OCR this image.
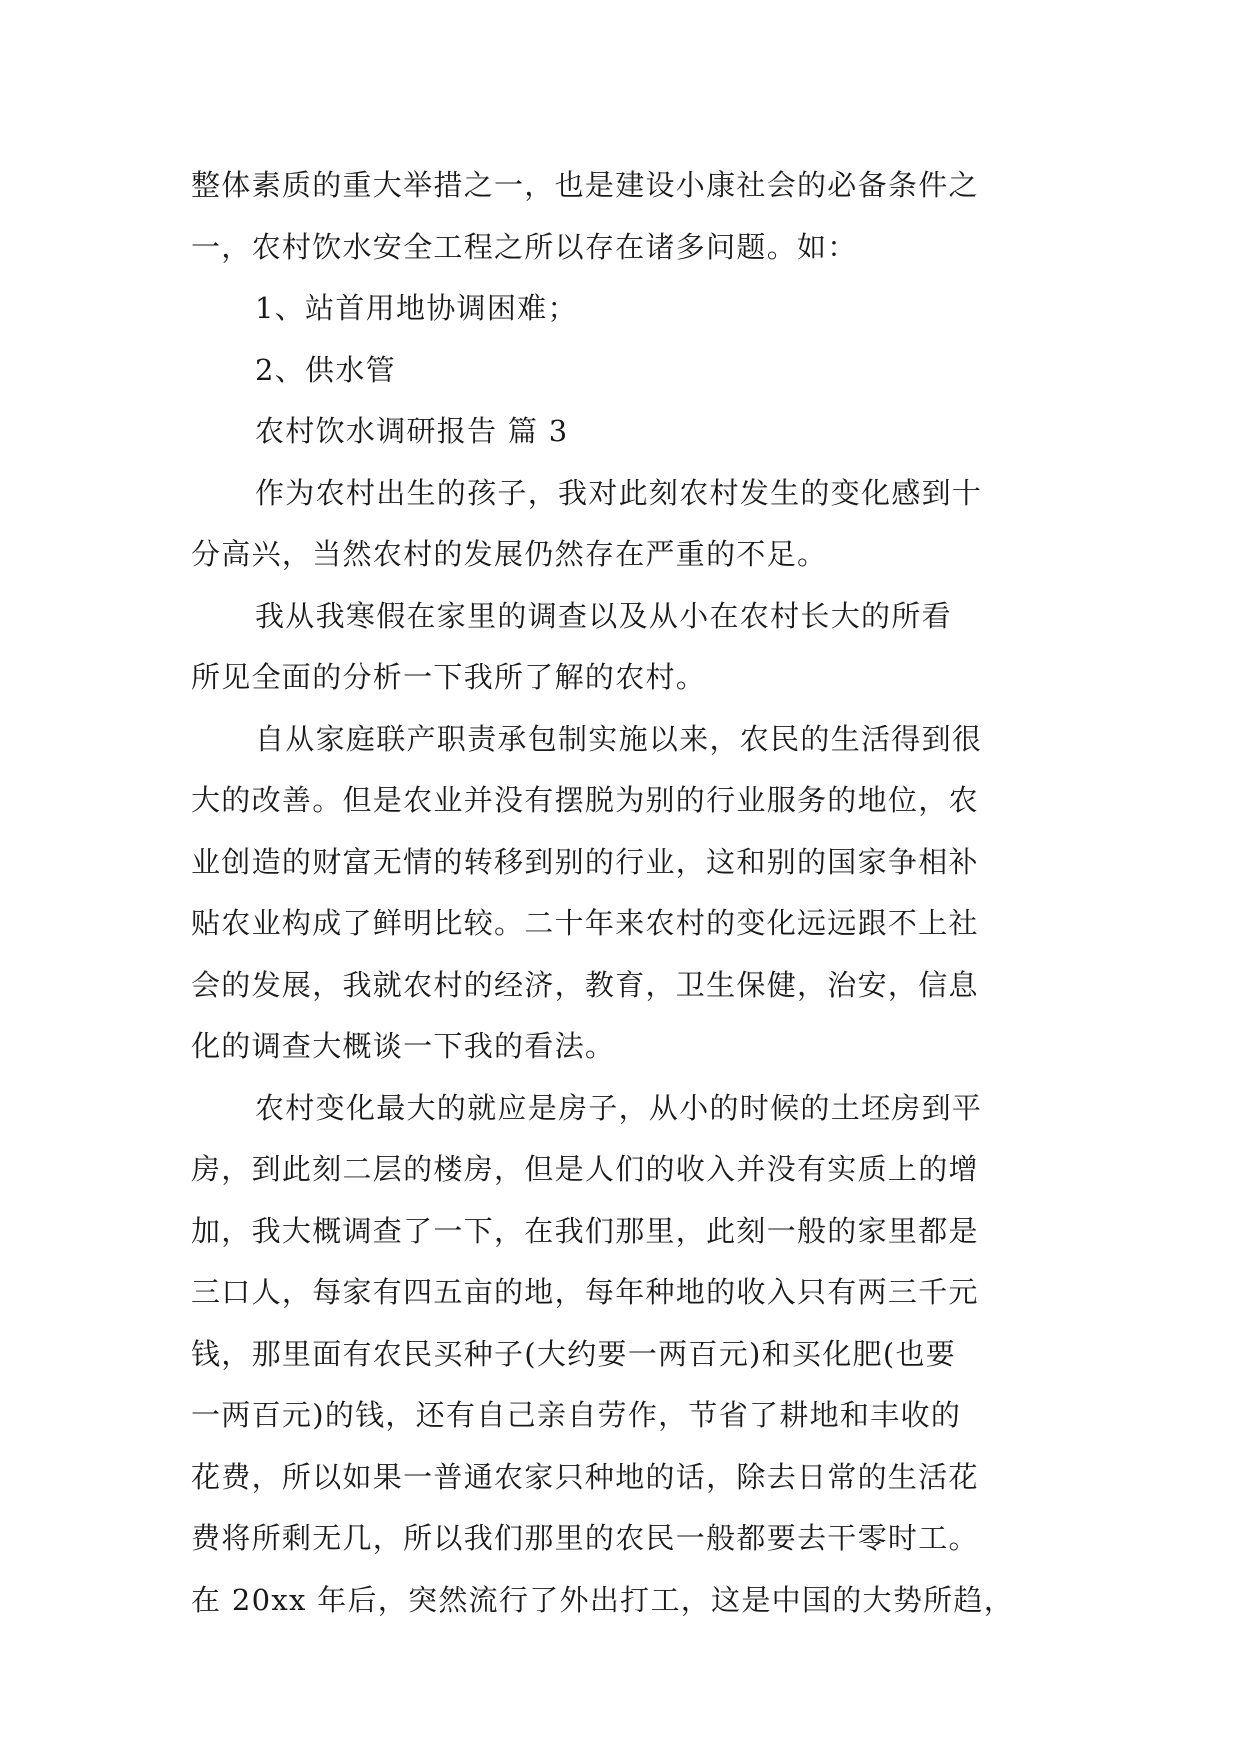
整体素质的重大举措之一，也是建设小康社会的必备条件之
一，农村饮水安全工程之所以存在诸多问题。如：
1、站首用地协调困难；
2、供水管
农村饮水调研报告 篇 3
作为农村出生的孩子，我对此刻农村发生的变化感到十
分高兴，当然农村的发展仍然存在严重的不足。
我从我寒假在家里的调查以及从小在农村长大的所看
所见全面的分析一下我所了解的农村。
自从家庭联产职责承包制实施以来，农民的生活得到很
大的改善。但是农业并没有摆脱为别的行业服务的地位，农
业创造的财富无情的转移到别的行业，这和别的国家争相补
贴农业构成了鲜明比较。二十年来农村的变化远远跟不上社
会的发展，我就农村的经济，教育，卫生保健，治安，信息
化的调查大概谈一下我的看法。
农村变化最大的就应是房子，从小的时候的土坯房到平
房，到此刻二层的楼房，但是人们的收入并没有实质上的增
加，我大概调查了一下，在我们那里，此刻一般的家里都是
三口人，每家有四五亩的地，每年种地的收入只有两三千元
钱，那里面有农民买种子(大约要一两百元)和买化肥(也要
一两百元)的钱，还有自己亲自劳作，节省了耕地和丰收的
花费，所以如果一普通农家只种地的话，除去日常的生活花
费将所剩无几，所以我们那里的农民一般都要去干零时工。
在 20xx 年后，突然流行了外出打工，这是中国的大势所趋，
